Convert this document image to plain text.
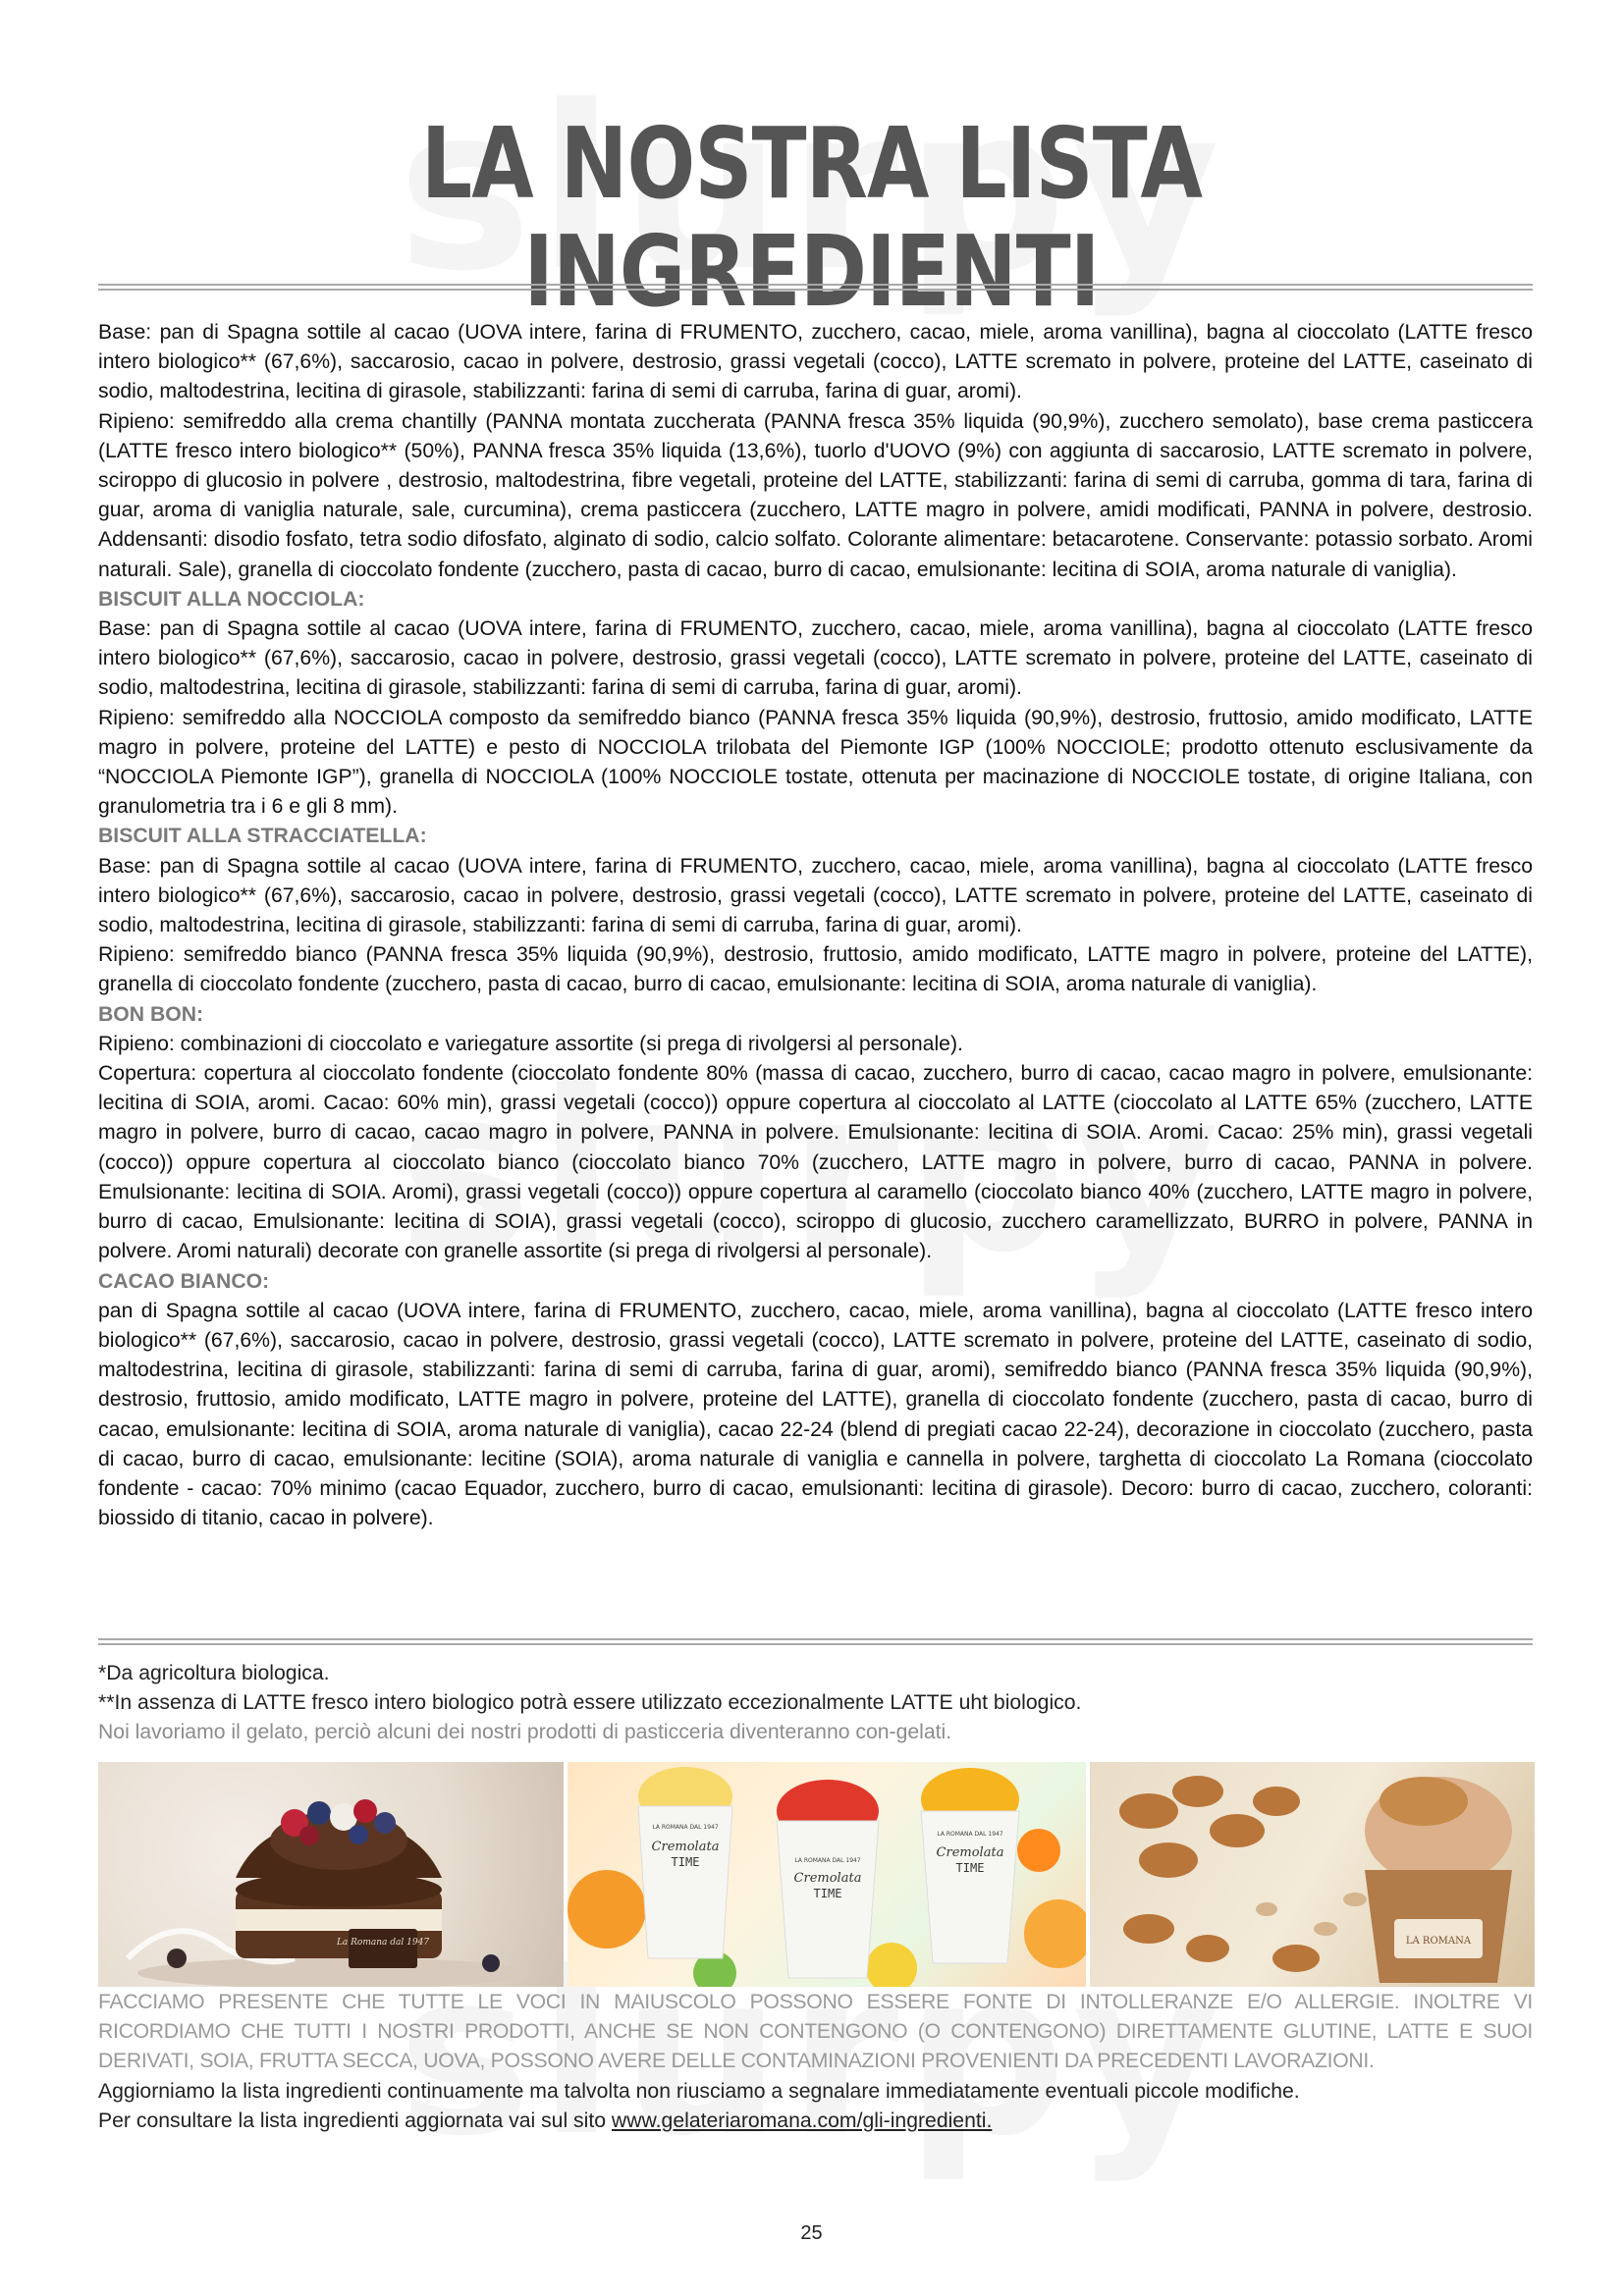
LA NOSTRA LISTA INGREDIENTI

Base: pan di Spagna sottile al cacao (UOVA intere, farina di FRUMENTO, zucchero, cacao, miele, aroma vanillina), bagna al cioccolato (LATTE fresco intero biologico** (67,6%), saccarosio, cacao in polvere, destrosio, grassi vegetali (cocco), LATTE scremato in polvere, proteine del LATTE, caseinato di sodio, maltodestrina, lecitina di girasole, stabilizzanti: farina di semi di carruba, farina di guar, aromi).

Ripieno: semifreddo alla crema chantilly (PANNA montata zuccherata (PANNA fresca 35% liquida (90,9%), zucchero semolato), base crema pasticcera (LATTE fresco intero biologico** (50%), PANNA fresca 35% liquida (13,6%), tuorlo d'UOVO (9%) con aggiunta di saccarosio, LATTE scremato in polvere, sciroppo di glucosio in polvere , destrosio, maltodestrina, fibre vegetali, proteine del LATTE, stabilizzanti: farina di semi di carruba, gomma di tara, farina di guar, aroma di vaniglia naturale, sale, curcumina), crema pasticcera (zucchero, LATTE magro in polvere, amidi modificati, PANNA in polvere, destrosio. Addensanti: disodio fosfato, tetra sodio difosfato, alginato di sodio, calcio solfato. Colorante alimentare: betacarotene. Conservante: potassio sorbato. Aromi naturali. Sale), granella di cioccolato fondente (zucchero, pasta di cacao, burro di cacao, emulsionante: lecitina di SOIA, aroma naturale di vaniglia).

BISCUIT ALLA NOCCIOLA:

Base: pan di Spagna sottile al cacao (UOVA intere, farina di FRUMENTO, zucchero, cacao, miele, aroma vanillina), bagna al cioccolato (LATTE fresco intero biologico** (67,6%), saccarosio, cacao in polvere, destrosio, grassi vegetali (cocco), LATTE scremato in polvere, proteine del LATTE, caseinato di sodio, maltodestrina, lecitina di girasole, stabilizzanti: farina di semi di carruba, farina di guar, aromi).

Ripieno: semifreddo alla NOCCIOLA composto da semifreddo bianco (PANNA fresca 35% liquida (90,9%), destrosio, fruttosio, amido modificato, LATTE magro in polvere, proteine del LATTE) e pesto di NOCCIOLA trilobata del Piemonte IGP (100% NOCCIOLE; prodotto ottenuto esclusivamente da “NOCCIOLA Piemonte IGP”), granella di NOCCIOLA (100% NOCCIOLE tostate, ottenuta per macinazione di NOCCIOLE tostate, di origine Italiana, con granulometria tra i 6 e gli 8 mm).

BISCUIT ALLA STRACCIATELLA:

Base: pan di Spagna sottile al cacao (UOVA intere, farina di FRUMENTO, zucchero, cacao, miele, aroma vanillina), bagna al cioccolato (LATTE fresco intero biologico** (67,6%), saccarosio, cacao in polvere, destrosio, grassi vegetali (cocco), LATTE scremato in polvere, proteine del LATTE, caseinato di sodio, maltodestrina, lecitina di girasole, stabilizzanti: farina di semi di carruba, farina di guar, aromi).

Ripieno: semifreddo bianco (PANNA fresca 35% liquida (90,9%), destrosio, fruttosio, amido modificato, LATTE magro in polvere, proteine del LATTE), granella di cioccolato fondente (zucchero, pasta di cacao, burro di cacao, emulsionante: lecitina di SOIA, aroma naturale di vaniglia).

BON BON:

Ripieno: combinazioni di cioccolato e variegature assortite (si prega di rivolgersi al personale).

Copertura: copertura al cioccolato fondente (cioccolato fondente 80% (massa di cacao, zucchero, burro di cacao, cacao magro in polvere, emulsionante: lecitina di SOIA, aromi. Cacao: 60% min), grassi vegetali (cocco)) oppure copertura al cioccolato al LATTE (cioccolato al LATTE 65% (zucchero, LATTE magro in polvere, burro di cacao, cacao magro in polvere, PANNA in polvere. Emulsionante: lecitina di SOIA. Aromi. Cacao: 25% min), grassi vegetali (cocco)) oppure copertura al cioccolato bianco (cioccolato bianco 70% (zucchero, LATTE magro in polvere, burro di cacao, PANNA in polvere. Emulsionante: lecitina di SOIA. Aromi), grassi vegetali (cocco)) oppure copertura al caramello (cioccolato bianco 40% (zucchero, LATTE magro in polvere, burro di cacao, Emulsionante: lecitina di SOIA), grassi vegetali (cocco), sciroppo di glucosio, zucchero caramellizzato, BURRO in polvere, PANNA in polvere. Aromi naturali) decorate con granelle assortite (si prega di rivolgersi al personale).

CACAO BIANCO:

pan di Spagna sottile al cacao (UOVA intere, farina di FRUMENTO, zucchero, cacao, miele, aroma vanillina), bagna al cioccolato (LATTE fresco intero biologico** (67,6%), saccarosio, cacao in polvere, destrosio, grassi vegetali (cocco), LATTE scremato in polvere, proteine del LATTE, caseinato di sodio, maltodestrina, lecitina di girasole, stabilizzanti: farina di semi di carruba, farina di guar, aromi), semifreddo bianco (PANNA fresca 35% liquida (90,9%), destrosio, fruttosio, amido modificato, LATTE magro in polvere, proteine del LATTE), granella di cioccolato fondente (zucchero, pasta di cacao, burro di cacao, emulsionante: lecitina di SOIA, aroma naturale di vaniglia), cacao 22-24 (blend di pregiati cacao 22-24), decorazione in cioccolato (zucchero, pasta di cacao, burro di cacao, emulsionante: lecitine (SOIA), aroma naturale di vaniglia e cannella in polvere, targhetta di cioccolato La Romana (cioccolato fondente - cacao: 70% minimo (cacao Equador, zucchero, burro di cacao, emulsionanti: lecitina di girasole). Decoro: burro di cacao, zucchero, coloranti: biossido di titanio, cacao in polvere).

*Da agricoltura biologica.

**In assenza di LATTE fresco intero biologico potrà essere utilizzato eccezionalmente LATTE uht biologico.

Noi lavoriamo il gelato, perciò alcuni dei nostri prodotti di pasticceria diventeranno con-gelati.

La Romana dal 1947
LA ROMANA DAL 1947
Cremolata
TIME	LA ROMANA DAL 1947
Cremolata
TIME
LA ROMANA DAL 1947
Cremolata
TIME
LA ROMANA

FACCIAMO PRESENTE CHE TUTTE LE VOCI IN MAIUSCOLO POSSONO ESSERE FONTE DI INTOLLERANZE E/O ALLERGIE. INOLTRE VI RICORDIAMO CHE TUTTI I NOSTRI PRODOTTI, ANCHE SE NON CONTENGONO (O CONTENGONO) DIRETTAMENTE GLUTINE, LATTE E SUOI DERIVATI, SOIA, FRUTTA SECCA, UOVA, POSSONO AVERE DELLE CONTAMINAZIONI PROVENIENTI DA PRECEDENTI LAVORAZIONI.

Aggiorniamo la lista ingredienti continuamente ma talvolta non riusciamo a segnalare immediatamente eventuali piccole modifiche.

Per consultare la lista ingredienti aggiornata vai sul sito www.gelateriaromana.com/gli-ingredienti.

25
